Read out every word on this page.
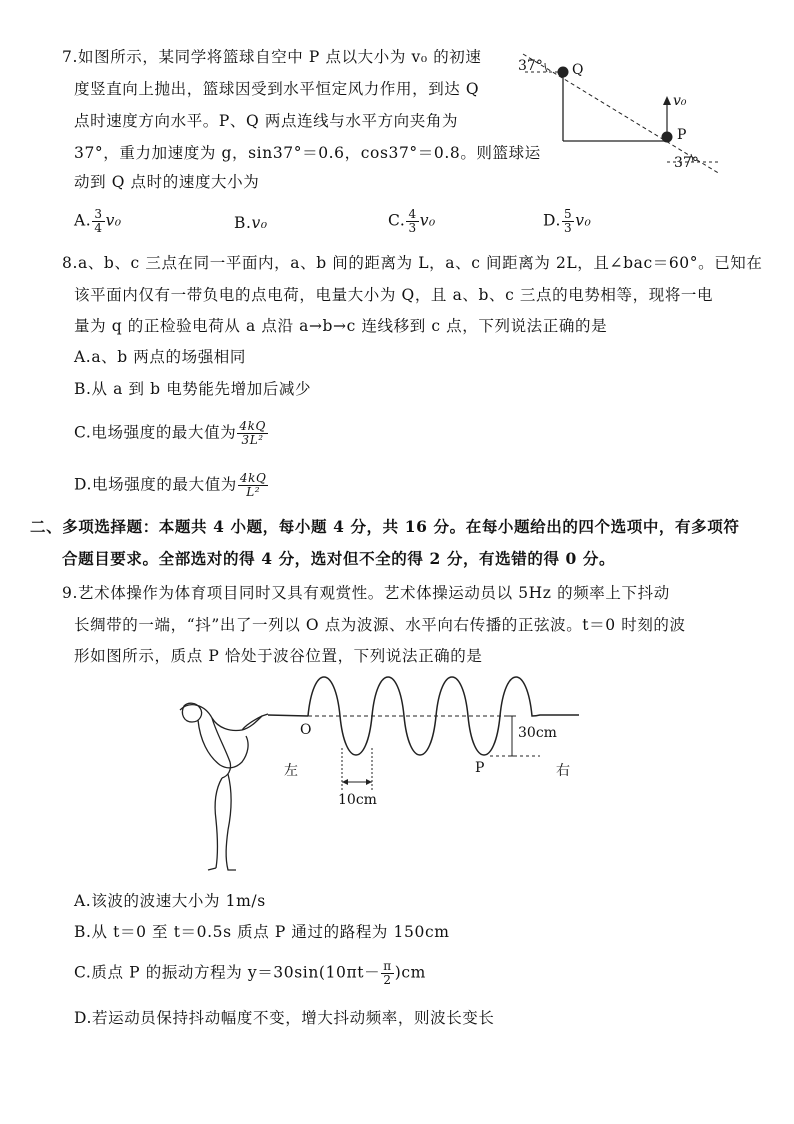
7.如图所示，某同学将篮球自空中 P 点以大小为 v₀ 的初速
度竖直向上抛出，篮球因受到水平恒定风力作用，到达 Q
点时速度方向水平。P、Q 两点连线与水平方向夹角为
37°，重力加速度为 g，sin37°＝0.6，cos37°＝0.8。则篮球运
动到 Q 点时的速度大小为
A. $\frac{3}{4} v_0$	B.v₀	C. $\frac{4}{3} v_0$	D. $\frac{5}{3} v_0$
37° Q
v₀
P
37°
8.a、b、c 三点在同一平面内，a、b 间的距离为 L，a、c 间距离为 2L，且∠bac＝60°。已知在
该平面内仅有一带负电的点电荷，电量大小为 Q，且 a、b、c 三点的电势相等，现将一电
量为 q 的正检验电荷从 a 点沿 a→b→c 连线移到 c 点，下列说法正确的是
A.a、b 两点的场强相同
B.从 a 到 b 电势能先增加后减少
C.电场强度的最大值为 $\frac{4kQ}{\text{3L²}}$
D.电场强度的最大值为 $\frac{4kQ}{\text{L²}}$
二、多项选择题：本题共 4 小题，每小题 4 分，共 16 分。在每小题给出的四个选项中，有多项符
合题目要求。全部选对的得 4 分，选对但不全的得 2 分，有选错的得 0 分。
9.艺术体操作为体育项目同时又具有观赏性。艺术体操运动员以 5Hz 的频率上下抖动
长绸带的一端，“抖”出了一列以 O 点为波源、水平向右传播的正弦波。t＝0 时刻的波
形如图所示，质点 P 恰处于波谷位置，下列说法正确的是
O
左
30cm
P	右
10cm
A.该波的波速大小为 1m/s
B.从 t＝0 至 t＝0.5s 质点 P 通过的路程为 150cm
C.质点 P 的振动方程为 $y=30\sin(10\pi t- \frac{\pi}{2} )cm$
D.若运动员保持抖动幅度不变，增大抖动频率，则波长变长
